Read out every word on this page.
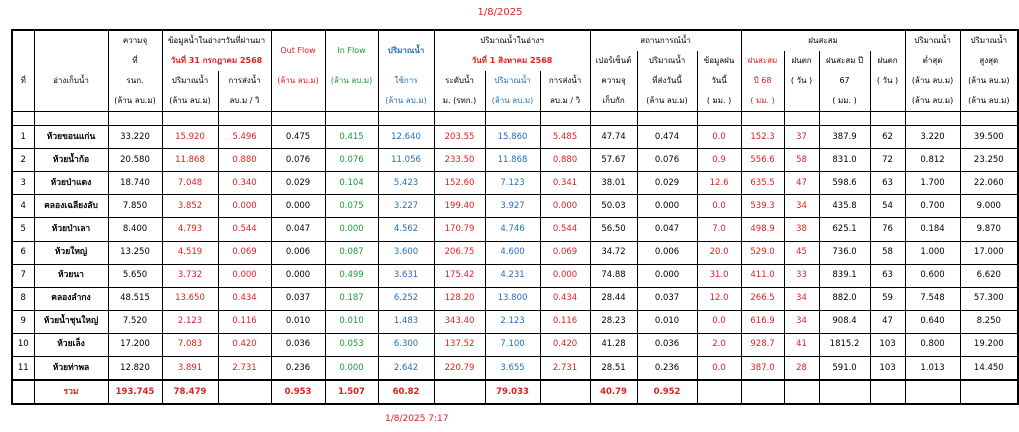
1/8/2025
		ความจุ	ข้อมูลน้ำในอ่างฯวันที่ผ่านมา		Out Flow	In Flow	ปริมาณน้ำ	ปริมาณน้ำในอ่างฯ			สถานการณ์น้ำ			ฝนสะสม				ปริมาณน้ำ	ปริมาณน้ำ
		ที่	วันที่ 31 กรกฎาคม 2568					วันที่ 1 สิงหาคม 2568			เปอร์เซ็นต์	ปริมาณน้ำ	ข้อมูลฝน	ฝนสะสม	ฝนตก	ฝนสะสม ปี	ฝนตก	ต่ำสุด	สูงสุด
ที่	อ่างเก็บน้ำ	รนก.	ปริมาณน้ำ	การส่งน้ำ	(ล้าน ลบ.ม)	(ล้าน ลบ.ม)	ใช้การ	ระดับน้ำ	ปริมาณน้ำ	การส่งน้ำ	ความจุ	ที่ส่งวันนี้	วันนี้	ปี 68	( วัน )	67	( วัน )	(ล้าน ลบ.ม)	(ล้าน ลบ.ม)
		(ล้าน ลบ.ม)	(ล้าน ลบ.ม)	ลบ.ม / วิ			(ล้าน ลบ.ม)	ม. (รทก.)	(ล้าน ลบ.ม)	ลบ.ม / วิ	เก็บกัก	(ล้าน ลบ.ม)	( มม. )	( มม. )		( มม. )		(ล้าน ลบ.ม)	(ล้าน ลบ.ม)

1	ห้วยขอนแก่น	33.220	15.920	5.496	0.475	0.415	12.640	203.55	15.860	5.485	47.74	0.474	0.0	152.3	37	387.9	62	3.220	39.500
2	ห้วยน้ำก้อ	20.580	11.868	0.880	0.076	0.076	11.056	233.50	11.868	0.880	57.67	0.076	0.9	556.6	58	831.0	72	0.812	23.250
3	ห้วยป่าแดง	18.740	7.048	0.340	0.029	0.104	5.423	152.60	7.123	0.341	38.01	0.029	12.6	635.5	47	598.6	63	1.700	22.060
4	คลองเฉลียงลับ	7.850	3.852	0.000	0.000	0.075	3.227	199.40	3.927	0.000	50.03	0.000	0.0	539.3	34	435.8	54	0.700	9.000
5	ห้วยป่าเลา	8.400	4.793	0.544	0.047	0.000	4.562	170.79	4.746	0.544	56.50	0.047	7.0	498.9	38	625.1	76	0.184	9.870
6	ห้วยใหญ่	13.250	4.519	0.069	0.006	0.087	3.600	206.75	4.600	0.069	34.72	0.006	20.0	529.0	45	736.0	58	1.000	17.000
7	ห้วยนา	5.650	3.732	0.000	0.000	0.499	3.631	175.42	4.231	0.000	74.88	0.000	31.0	411.0	33	839.1	63	0.600	6.620
8	คลองลำกง	48.515	13.650	0.434	0.037	0.187	6.252	128.20	13.800	0.434	28.44	0.037	12.0	266.5	34	882.0	59	7.548	57.300
9	ห้วยน้ำชุนใหญ่	7.520	2.123	0.116	0.010	0.010	1.483	343.40	2.123	0.116	28.23	0.010	0.0	616.9	34	908.4	47	0.640	8.250
10	ห้วยเล็ง	17.200	7.083	0.420	0.036	0.053	6.300	137.52	7.100	0.420	41.28	0.036	2.0	928.7	41	1815.2	103	0.800	19.200
11	ห้วยท่าพล	12.820	3.891	2.731	0.236	0.000	2.642	220.79	3.655	2.731	28.51	0.236	0.0	387.0	28	591.0	103	1.013	14.450
	รวม	193.745	78.479		0.953	1.507	60.82		79.033		40.79	0.952							
1/8/2025 7:17
